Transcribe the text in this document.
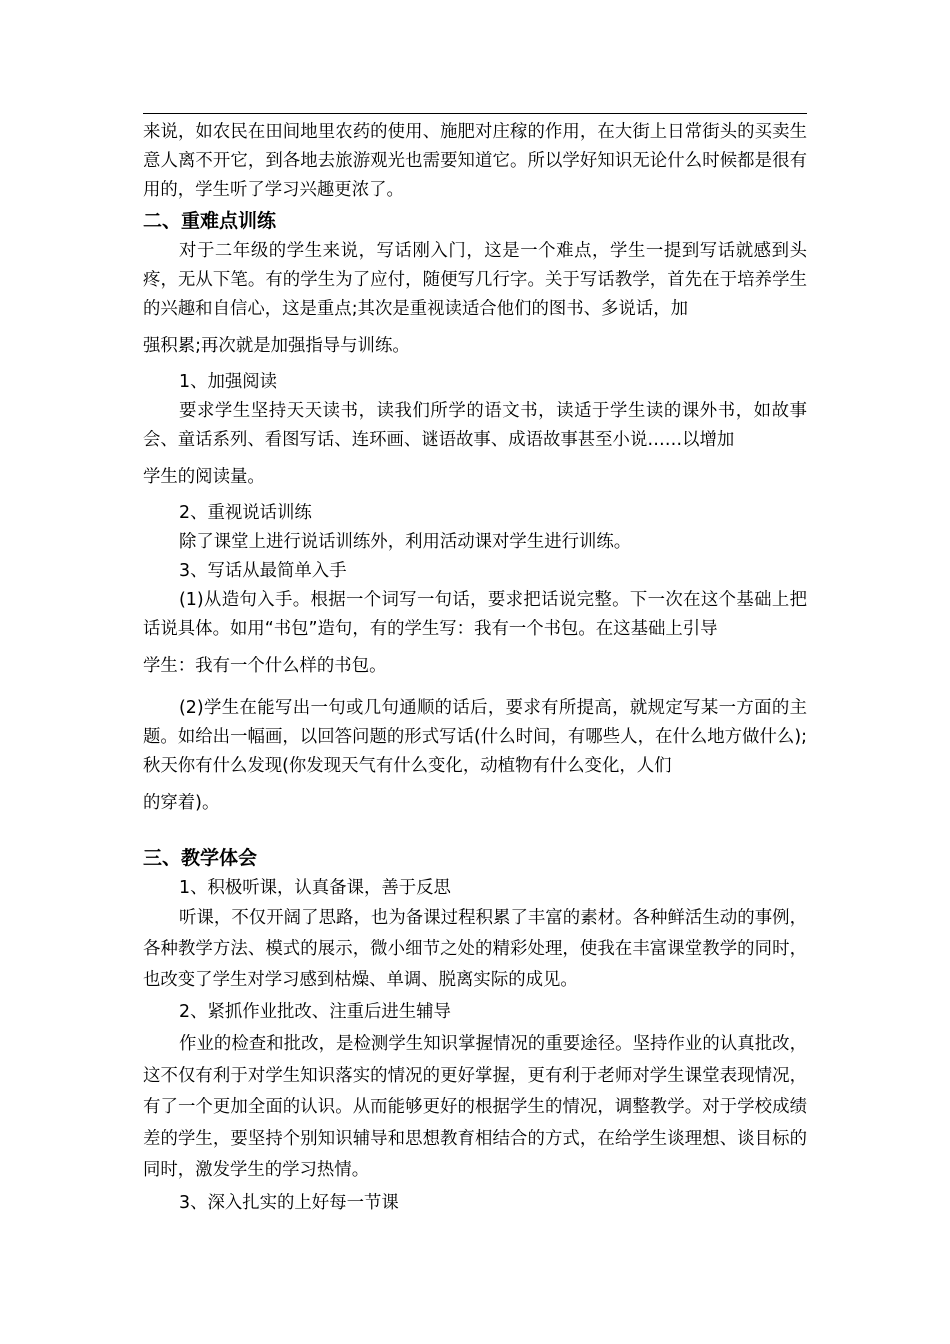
来说，如农民在田间地里农药的使用、施肥对庄稼的作用，在大街上日常街头的买卖生意人离不开它，到各地去旅游观光也需要知道它。所以学好知识无论什么时候都是很有用的，学生听了学习兴趣更浓了。

二、重难点训练

对于二年级的学生来说，写话刚入门，这是一个难点，学生一提到写话就感到头疼，无从下笔。有的学生为了应付，随便写几行字。关于写话教学，首先在于培养学生的兴趣和自信心，这是重点;其次是重视读适合他们的图书、多说话，加

强积累;再次就是加强指导与训练。

1、加强阅读

要求学生坚持天天读书，读我们所学的语文书，读适于学生读的课外书，如故事会、童话系列、看图写话、连环画、谜语故事、成语故事甚至小说……以增加

学生的阅读量。

2、重视说话训练

除了课堂上进行说话训练外，利用活动课对学生进行训练。

3、写话从最简单入手

(1)从造句入手。根据一个词写一句话，要求把话说完整。下一次在这个基础上把话说具体。如用“书包”造句，有的学生写：我有一个书包。在这基础上引导

学生：我有一个什么样的书包。

(2)学生在能写出一句或几句通顺的话后，要求有所提高，就规定写某一方面的主题。如给出一幅画，以回答问题的形式写话(什么时间，有哪些人，在什么地方做什么);秋天你有什么发现(你发现天气有什么变化，动植物有什么变化，人们

的穿着)。

三、教学体会

1、积极听课，认真备课，善于反思

听课，不仅开阔了思路，也为备课过程积累了丰富的素材。各种鲜活生动的事例，各种教学方法、模式的展示，微小细节之处的精彩处理，使我在丰富课堂教学的同时，也改变了学生对学习感到枯燥、单调、脱离实际的成见。

2、紧抓作业批改、注重后进生辅导

作业的检查和批改，是检测学生知识掌握情况的重要途径。坚持作业的认真批改，这不仅有利于对学生知识落实的情况的更好掌握，更有利于老师对学生课堂表现情况，有了一个更加全面的认识。从而能够更好的根据学生的情况，调整教学。对于学校成绩差的学生，要坚持个别知识辅导和思想教育相结合的方式，在给学生谈理想、谈目标的同时，激发学生的学习热情。

3、深入扎实的上好每一节课
